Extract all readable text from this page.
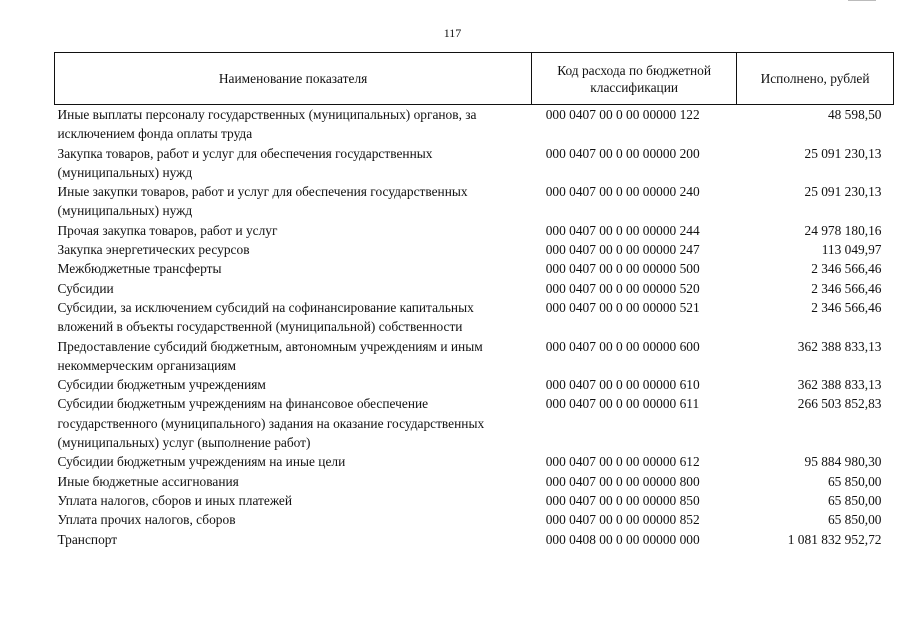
117
Наименование показателя	Код расхода по бюджетной классификации	Исполнено, рублей
Иные выплаты персоналу государственных (муниципальных) органов, за исключением фонда оплаты труда	000 0407 00 0 00 00000 122	48 598,50
Закупка товаров, работ и услуг для обеспечения государственных (муниципальных) нужд	000 0407 00 0 00 00000 200	25 091 230,13
Иные закупки товаров, работ и услуг для обеспечения государственных (муниципальных) нужд	000 0407 00 0 00 00000 240	25 091 230,13
Прочая закупка товаров, работ и услуг	000 0407 00 0 00 00000 244	24 978 180,16
Закупка энергетических ресурсов	000 0407 00 0 00 00000 247	113 049,97
Межбюджетные трансферты	000 0407 00 0 00 00000 500	2 346 566,46
Субсидии	000 0407 00 0 00 00000 520	2 346 566,46
Субсидии, за исключением субсидий на софинансирование капитальных вложений в объекты государственной (муниципальной) собственности	000 0407 00 0 00 00000 521	2 346 566,46
Предоставление субсидий бюджетным, автономным учреждениям и иным некоммерческим организациям	000 0407 00 0 00 00000 600	362 388 833,13
Субсидии бюджетным учреждениям	000 0407 00 0 00 00000 610	362 388 833,13
Субсидии бюджетным учреждениям на финансовое обеспечение государственного (муниципального) задания на оказание государственных (муниципальных) услуг (выполнение работ)	000 0407 00 0 00 00000 611	266 503 852,83
Субсидии бюджетным учреждениям на иные цели	000 0407 00 0 00 00000 612	95 884 980,30
Иные бюджетные ассигнования	000 0407 00 0 00 00000 800	65 850,00
Уплата налогов, сборов и иных платежей	000 0407 00 0 00 00000 850	65 850,00
Уплата прочих налогов, сборов	000 0407 00 0 00 00000 852	65 850,00
Транспорт	000 0408 00 0 00 00000 000	1 081 832 952,72
